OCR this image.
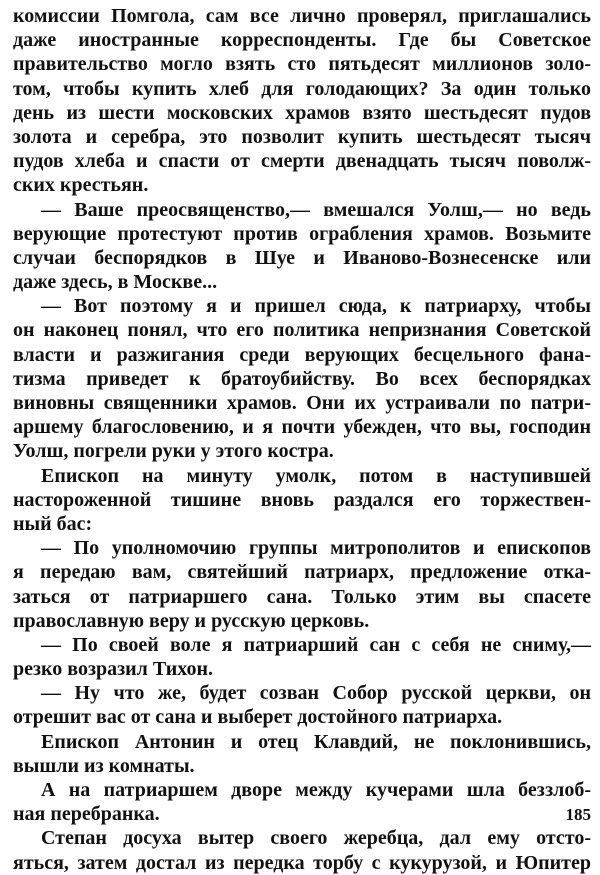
комиссии Помгола, сам все лично проверял, приглашались
даже иностранные корреспонденты. Где бы Советское
правительство могло взять сто пятьдесят миллионов золо-
том, чтобы купить хлеб для голодающих? За один только
день из шести московских храмов взято шестьдесят пудов
золота и серебра, это позволит купить шестьдесят тысяч
пудов хлеба и спасти от смерти двенадцать тысяч поволж-
ских крестьян.
— Ваше преосвященство,— вмешался Уолш,— но ведь
верующие протестуют против ограбления храмов. Возьмите
случаи беспорядков в Шуе и Иваново-Вознесенске или
даже здесь, в Москве...
— Вот поэтому я и пришел сюда, к патриарху, чтобы
он наконец понял, что его политика непризнания Советской
власти и разжигания среди верующих бесцельного фана-
тизма приведет к братоубийству. Во всех беспорядках
виновны священники храмов. Они их устраивали по патри-
аршему благословению, и я почти убежден, что вы, господин
Уолш, погрели руки у этого костра.
Епископ на минуту умолк, потом в наступившей
настороженной тишине вновь раздался его торжествен-
ный бас:
— По уполномочию группы митрополитов и епископов
я передаю вам, святейший патриарх, предложение отка-
заться от патриаршего сана. Только этим вы спасете
православную веру и русскую церковь.
— По своей воле я патриарший сан с себя не сниму,—
резко возразил Тихон.
— Ну что же, будет созван Собор русской церкви, он
отрешит вас от сана и выберет достойного патриарха.
Епископ Антонин и отец Клавдий, не поклонившись,
вышли из комнаты.
А на патриаршем дворе между кучерами шла беззлоб-
ная перебранка.
Степан досуха вытер своего жеребца, дал ему отсто-
яться, затем достал из передка торбу с кукурузой, и Юпитер
185
